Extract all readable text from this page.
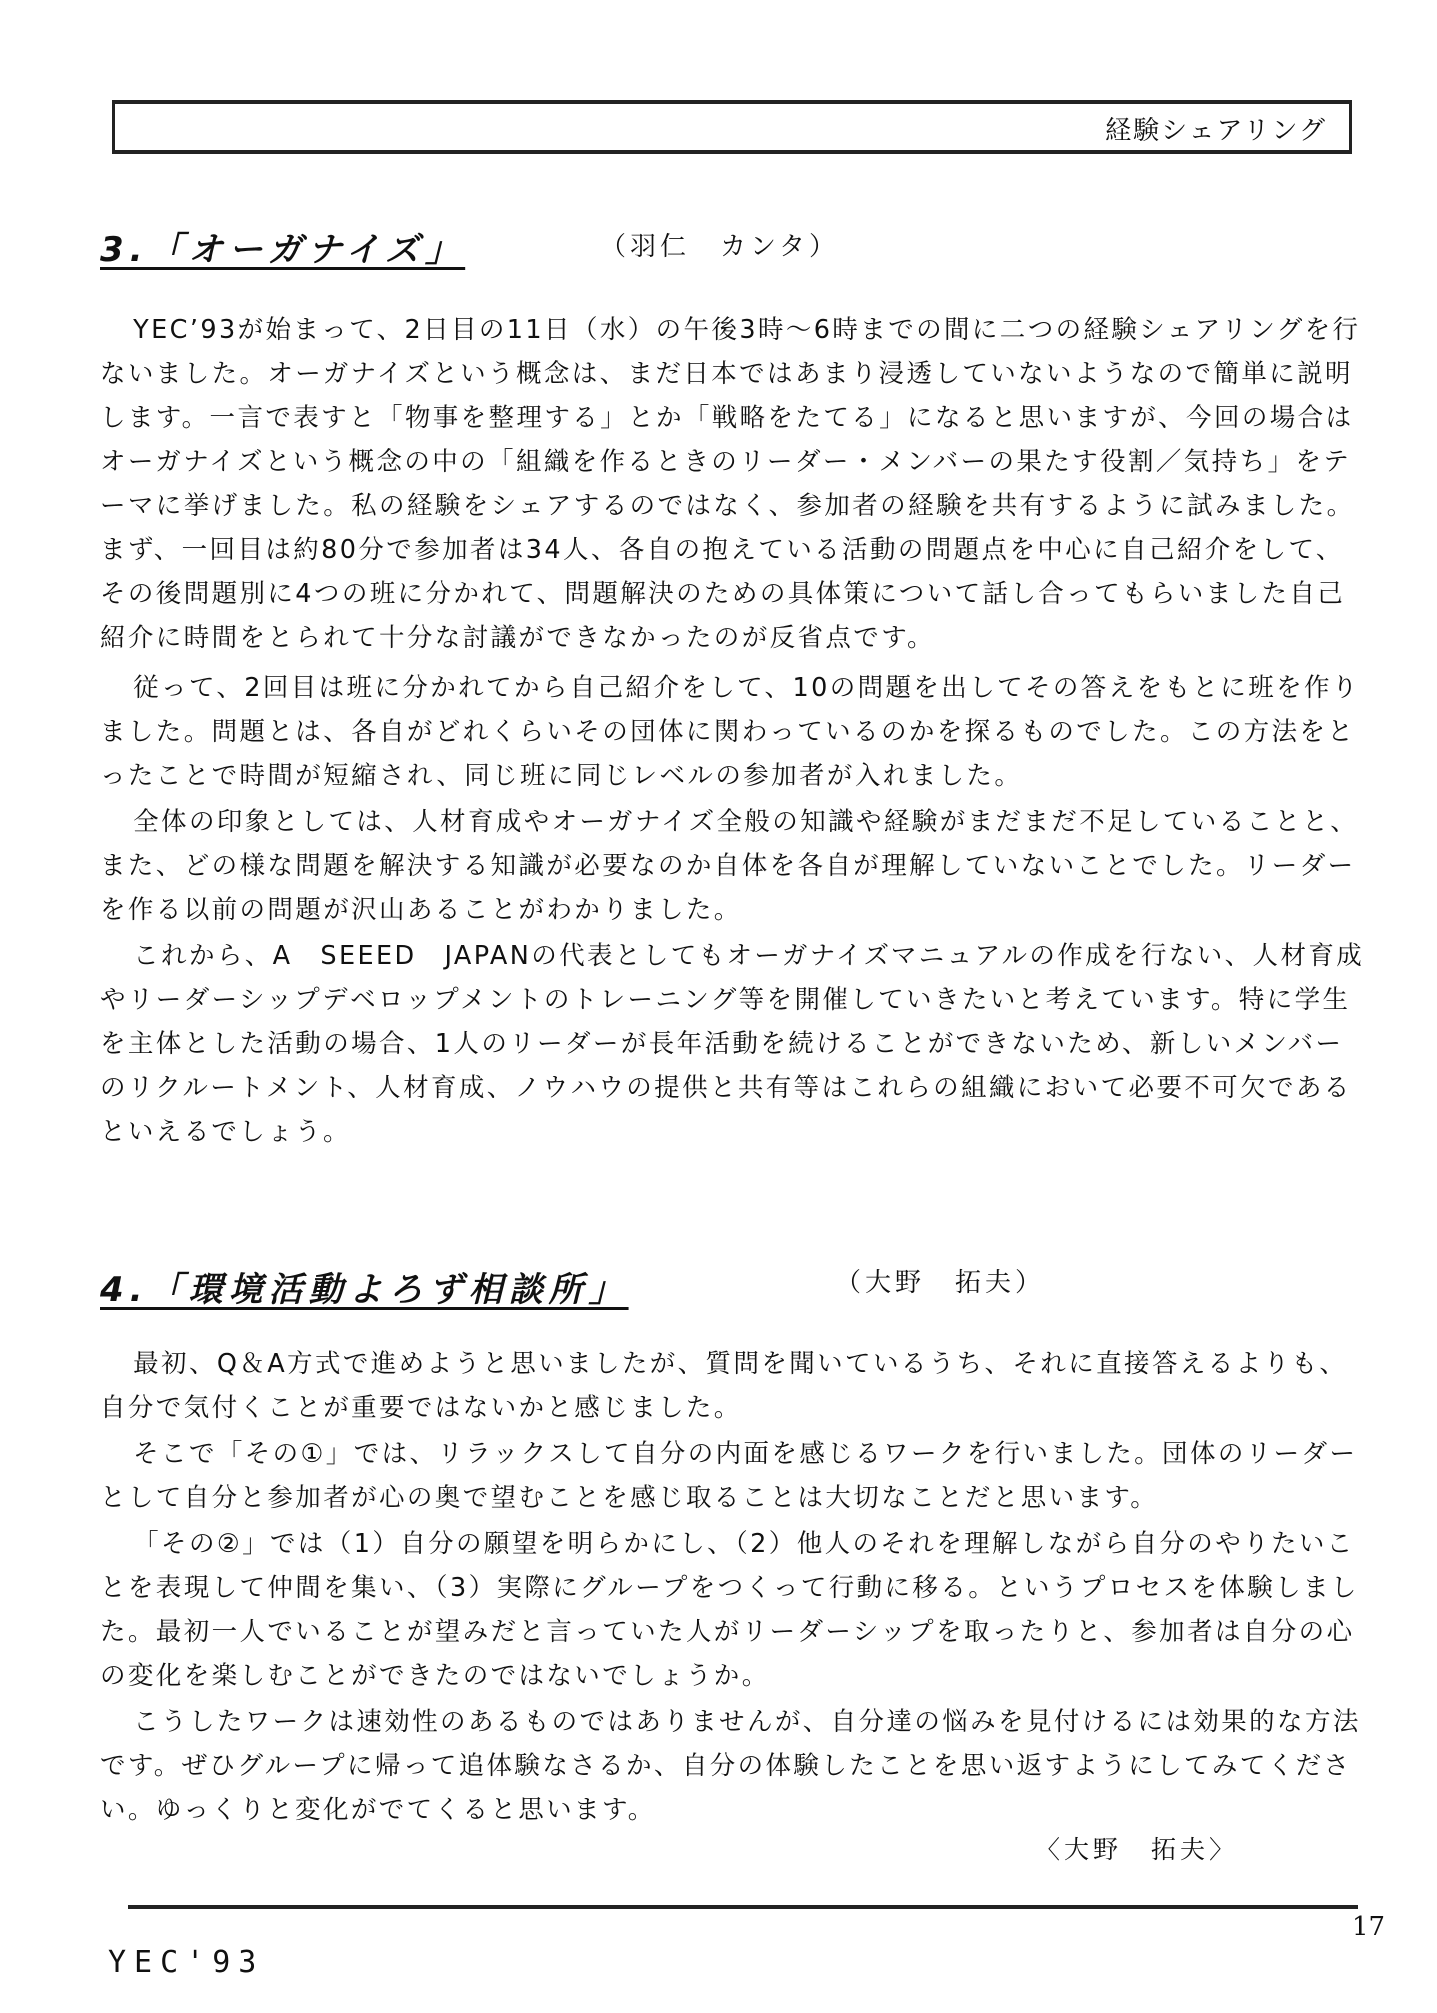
経験シェアリング
3.「オーガナイズ」	（羽仁　カンタ）

YEC’93が始まって、2日目の11日（水）の午後3時～6時までの間に二つの経験シェアリングを行ないました。オーガナイズという概念は、まだ日本ではあまり浸透していないようなので簡単に説明します。一言で表すと「物事を整理する」とか「戦略をたてる」になると思いますが、今回の場合はオーガナイズという概念の中の「組織を作るときのリーダー・メンバーの果たす役割／気持ち」をテーマに挙げました。私の経験をシェアするのではなく、参加者の経験を共有するように試みました。まず、一回目は約80分で参加者は34人、各自の抱えている活動の問題点を中心に自己紹介をして、その後問題別に4つの班に分かれて、問題解決のための具体策について話し合ってもらいました自己紹介に時間をとられて十分な討議ができなかったのが反省点です。

従って、2回目は班に分かれてから自己紹介をして、10の問題を出してその答えをもとに班を作りました。問題とは、各自がどれくらいその団体に関わっているのかを探るものでした。この方法をとったことで時間が短縮され、同じ班に同じレベルの参加者が入れました。

全体の印象としては、人材育成やオーガナイズ全般の知識や経験がまだまだ不足していることと、また、どの様な問題を解決する知識が必要なのか自体を各自が理解していないことでした。リーダーを作る以前の問題が沢山あることがわかりました。

これから、A　SEEED　JAPANの代表としてもオーガナイズマニュアルの作成を行ない、人材育成やリーダーシップデベロップメントのトレーニング等を開催していきたいと考えています。特に学生を主体とした活動の場合、1人のリーダーが長年活動を続けることができないため、新しいメンバーのリクルートメント、人材育成、ノウハウの提供と共有等はこれらの組織において必要不可欠であるといえるでしょう。

4.「環境活動よろず相談所」	（大野　拓夫）

最初、Q＆A方式で進めようと思いましたが、質問を聞いているうち、それに直接答えるよりも、自分で気付くことが重要ではないかと感じました。

そこで「その①」では、リラックスして自分の内面を感じるワークを行いました。団体のリーダーとして自分と参加者が心の奥で望むことを感じ取ることは大切なことだと思います。

「その②」では（1）自分の願望を明らかにし、（2）他人のそれを理解しながら自分のやりたいことを表現して仲間を集い、（3）実際にグループをつくって行動に移る。というプロセスを体験しました。最初一人でいることが望みだと言っていた人がリーダーシップを取ったりと、参加者は自分の心の変化を楽しむことができたのではないでしょうか。

こうしたワークは速効性のあるものではありませんが、自分達の悩みを見付けるには効果的な方法です。ぜひグループに帰って追体験なさるか、自分の体験したことを思い返すようにしてみてください。ゆっくりと変化がでてくると思います。

〈大野　拓夫〉
YEC'93
17
